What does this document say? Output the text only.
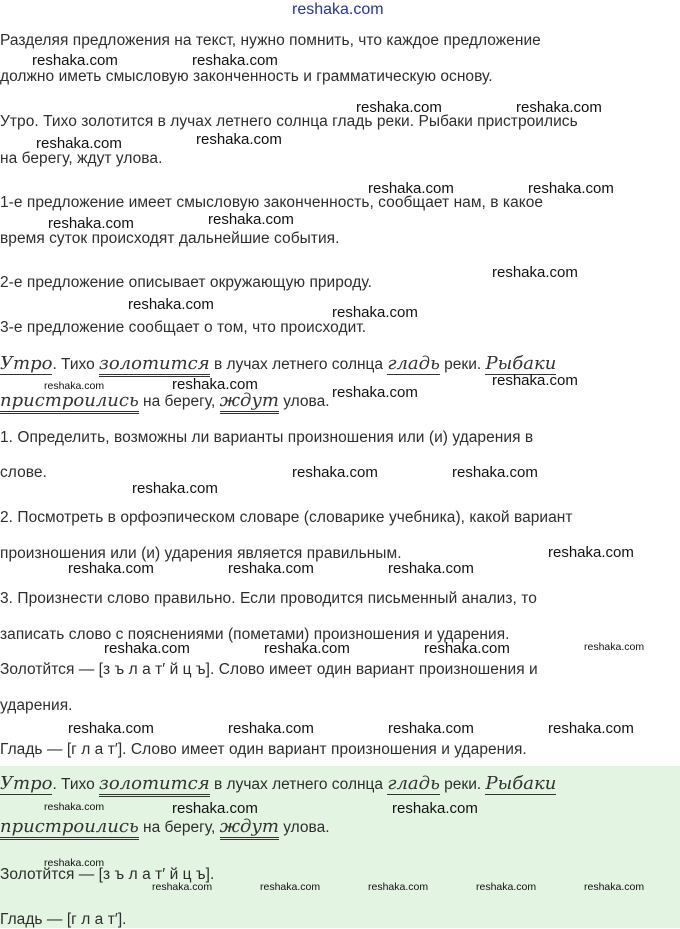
reshaka.com
Разделяя предложения на текст, нужно помнить, что каждое предложение
должно иметь смысловую законченность и грамматическую основу.
Утро. Тихо золотится в лучах летнего солнца гладь реки. Рыбаки пристроились
на берегу, ждут улова.
1-е предложение имеет смысловую законченность, сообщает нам, в какое
время суток происходят дальнейшие события.
2-е предложение описывает окружающую природу.
3-е предложение сообщает о том, что происходит.
Утро. Тихо золотится в лучах летнего солнца гладь реки. Рыбаки
пристроились на берегу, ждут улова.
1. Определить, возможны ли варианты произношения или (и) ударения в
слове.
2. Посмотреть в орфоэпическом словаре (словарике учебника), какой вариант
произношения или (и) ударения является правильным.
3. Произнести слово правильно. Если проводится письменный анализ, то
записать слово с пояснениями (пометами) произношения и ударения.
Золотйтся — [з ъ л а т′ й ц ъ]. Слово имеет один вариант произношения и
ударения.
Гладь — [г л а т′]. Слово имеет один вариант произношения и ударения.
Утро. Тихо золотится в лучах летнего солнца гладь реки. Рыбаки
пристроились на берегу, ждут улова.
Золотйтся — [з ъ л а т′ й ц ъ].
Гладь — [г л а т′].
reshaka.com	reshaka.com
reshaka.com	reshaka.com
reshaka.com	reshaka.com
reshaka.com	reshaka.com
reshaka.com	reshaka.com
reshaka.com
reshaka.com	reshaka.com
reshaka.com	reshaka.com	reshaka.com
reshaka.com
reshaka.com	reshaka.com
reshaka.com
reshaka.com
reshaka.com	reshaka.com	reshaka.com
reshaka.com	reshaka.com	reshaka.com	reshaka.com
reshaka.com	reshaka.com	reshaka.com	reshaka.com
reshaka.com	reshaka.com	reshaka.com
reshaka.com
reshaka.com	reshaka.com	reshaka.com	reshaka.com	reshaka.com
